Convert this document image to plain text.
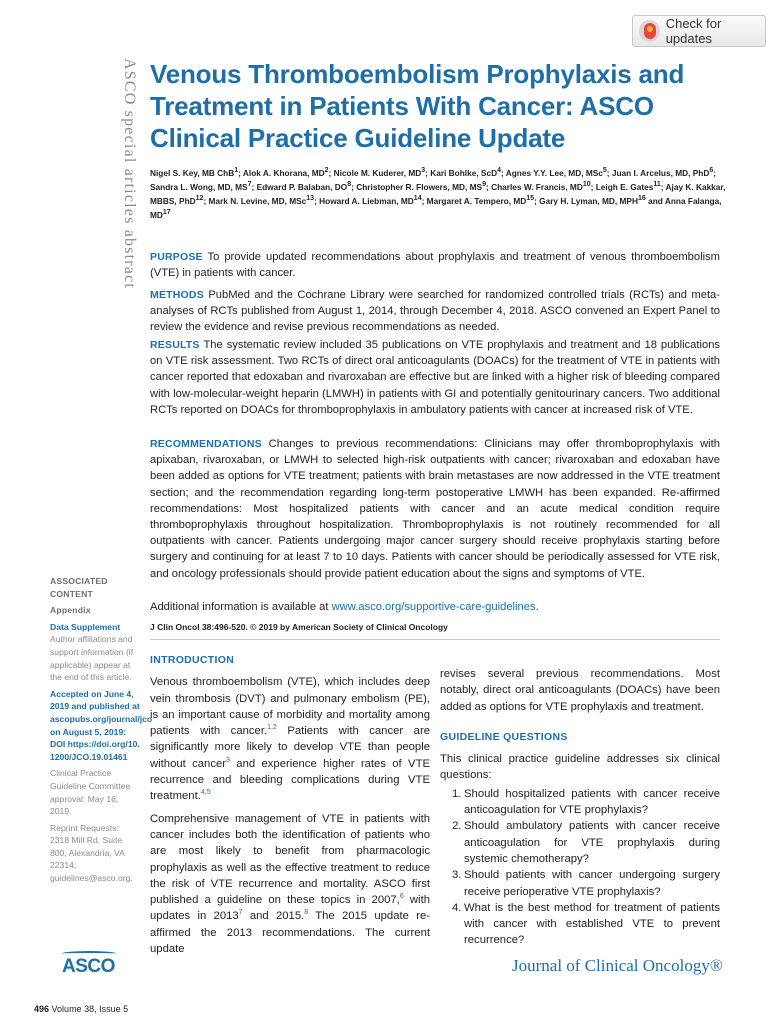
Check for updates
ASCO special articles abstract Venous Thromboembolism Prophylaxis and Treatment in Patients With Cancer: ASCO Clinical Practice Guideline Update
Nigel S. Key, MB ChB$^1$; Alok A. Khorana, $MD^2$; Nicole M. Kuderer, $MD^3$; Kari Bohlke, ScD$^4$; Agnes Y.Y. Lee, MD, MSc$^5$; Juan I. Arcelus, MD, PhD$^6$; Sandra L. Wong, MD, $MS^7$; Edward P. Balaban, $DO^8$; Christopher R. Flowers, MD, $MS^9$; Charles W. Francis, MD$^{10}$; Leigh E. Gates$^{11}$; Ajay K. Kakkar, MBBS, PhD$^{12}$; Mark N. Levine, MD, MSc$^{13}$; Howard A. Liebman, MD$^{14}$; Margaret A. Tempero, MD$^{15}$; Gary H. Lyman, MD, MPH$^{16}$ and Anna Falanga, MD$^{17}$
PURPOSE To provide updated recommendations about prophylaxis and treatment of venous thromboembolism (VTE) in patients with cancer.
METHODS PubMed and the Cochrane Library were searched for randomized controlled trials (RCTs) and meta-analyses of RCTs published from August 1, 2014, through December 4, 2018. ASCO convened an Expert Panel to review the evidence and revise previous recommendations as needed.
RESULTS The systematic review included 35 publications on VTE prophylaxis and treatment and 18 publications on VTE risk assessment. Two RCTs of direct oral anticoagulants (DOACs) for the treatment of VTE in patients with cancer reported that edoxaban and rivaroxaban are effective but are linked with a higher risk of bleeding compared with low-molecular-weight heparin (LMWH) in patients with GI and potentially genitourinary cancers. Two additional RCTs reported on DOACs for thromboprophylaxis in ambulatory patients with cancer at increased risk of VTE.
RECOMMENDATIONS Changes to previous recommendations: Clinicians may offer thromboprophylaxis with apixaban, rivaroxaban, or LMWH to selected high-risk outpatients with cancer; rivaroxaban and edoxaban have been added as options for VTE treatment; patients with brain metastases are now addressed in the VTE treatment section; and the recommendation regarding long-term postoperative LMWH has been expanded. Re-affirmed recommendations: Most hospitalized patients with cancer and an acute medical condition require thromboprophylaxis throughout hospitalization. Thromboprophylaxis is not routinely recommended for all outpatients with cancer. Patients undergoing major cancer surgery should receive prophylaxis starting before surgery and continuing for at least 7 to 10 days. Patients with cancer should be periodically assessed for VTE risk, and oncology professionals should provide patient education about the signs and symptoms of VTE.
Additional information is available at www.asco.org/supportive-care-guidelines.
J Clin Oncol 38:496-520. © 2019 by American Society of Clinical Oncology

ASSOCIATED CONTENT

Appendix

Data Supplement

Author affiliations and support information (if applicable) appear at the end of this article.

Accepted on June 4, 2019 and published at ascopubs.org/journal/jco on August 5, 2019: DOI https://doi.org/10.1200/JCO.19.01461

Clinical Practice Guideline Committee approval: May 16, 2019.

Reprint Requests: 2318 Mill Rd, Suite 800, Alexandria, VA 22314; guidelines@asco.org.

INTRODUCTION

Venous thromboembolism (VTE), which includes deep vein thrombosis (DVT) and pulmonary embolism (PE), is an important cause of morbidity and mortality among patients with cancer.$^{1,2}$ Patients with cancer are significantly more likely to develop VTE than people without cancer$^3$ and experience higher rates of VTE recurrence and bleeding complications during VTE treatment.$^{4,5}$

Comprehensive management of VTE in patients with cancer includes both the identification of patients who are most likely to benefit from pharmacologic prophylaxis as well as the effective treatment to reduce the risk of VTE recurrence and mortality. ASCO first published a guideline on these topics in 2007,$^6$ with updates in 2013$^7$ and 2015.$^8$ The 2015 update re-affirmed the 2013 recommendations. The current update

revises several previous recommendations. Most notably, direct oral anticoagulants (DOACs) have been added as options for VTE prophylaxis and treatment.

GUIDELINE QUESTIONS

This clinical practice guideline addresses six clinical questions:

1. Should hospitalized patients with cancer receive anticoagulation for VTE prophylaxis?
2. Should ambulatory patients with cancer receive anticoagulation for VTE prophylaxis during systemic chemotherapy?
3. Should patients with cancer undergoing surgery receive perioperative VTE prophylaxis?
4. What is the best method for treatment of patients with cancer with established VTE to prevent recurrence?
ASCO	Journal of Clinical Oncology®
496 Volume 38, Issue 5
